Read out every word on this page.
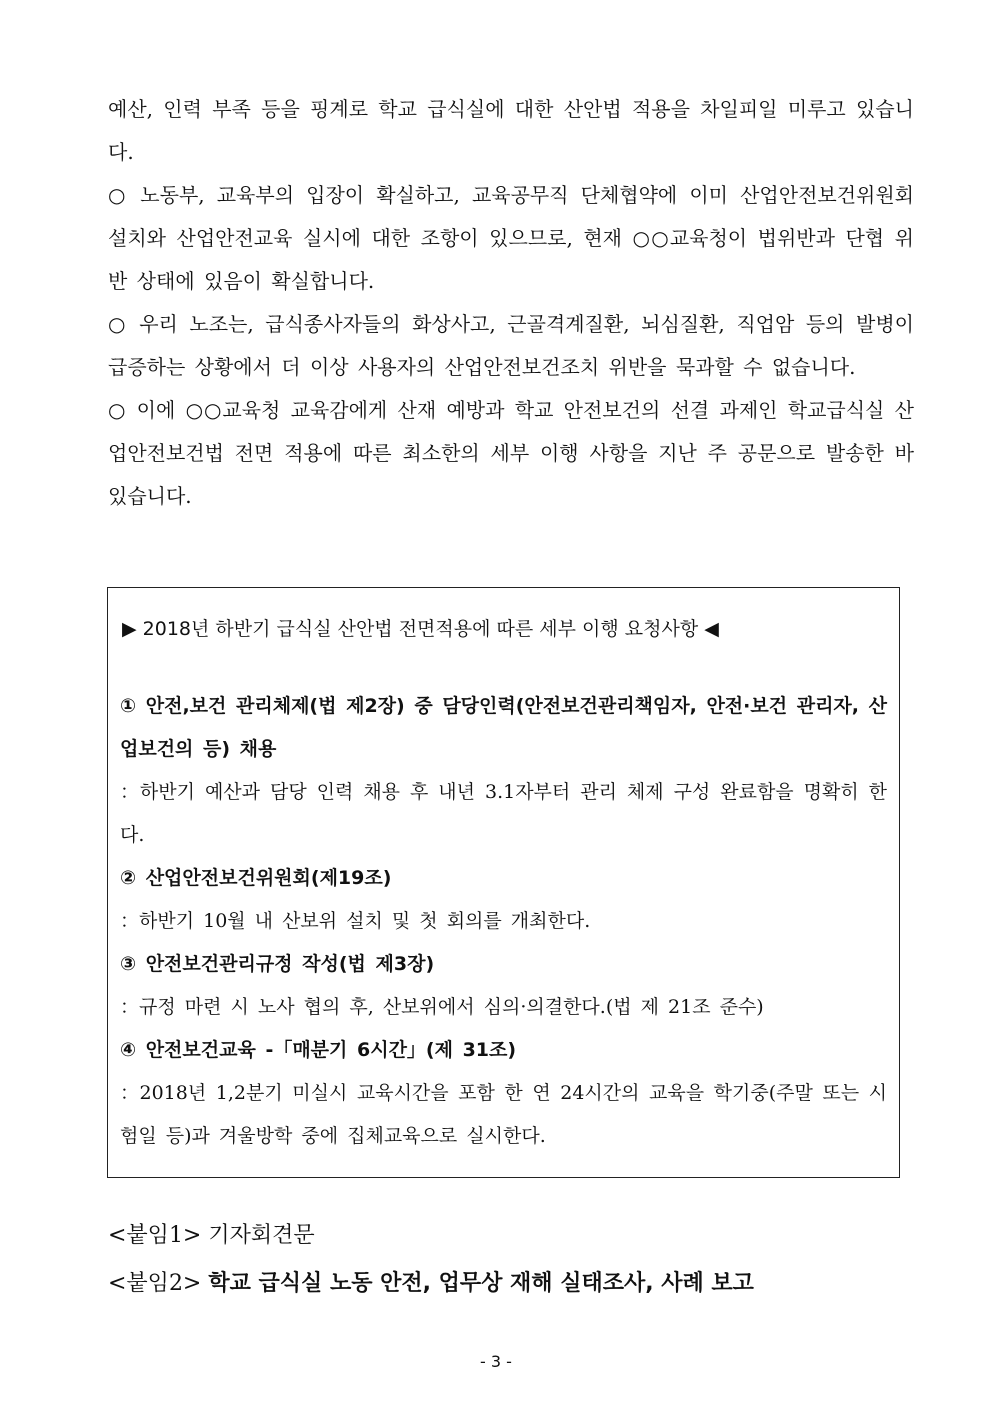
예산, 인력 부족 등을 핑계로 학교 급식실에 대한 산안법 적용을 차일피일 미루고 있습니다.

○ 노동부, 교육부의 입장이 확실하고, 교육공무직 단체협약에 이미 산업안전보건위원회 설치와 산업안전교육 실시에 대한 조항이 있으므로, 현재 ○○교육청이 법위반과 단협 위반 상태에 있음이 확실합니다.

○ 우리 노조는, 급식종사자들의 화상사고, 근골격계질환, 뇌심질환, 직업암 등의 발병이 급증하는 상황에서 더 이상 사용자의 산업안전보건조치 위반을 묵과할 수 없습니다.

○ 이에 ○○교육청 교육감에게 산재 예방과 학교 안전보건의 선결 과제인 학교급식실 산업안전보건법 전면 적용에 따른 최소한의 세부 이행 사항을 지난 주 공문으로 발송한 바 있습니다.

▶ 2018년 하반기 급식실 산안법 전면적용에 따른 세부 이행 요청사항 ◀

① 안전,보건 관리체제(법 제2장) 중 담당인력(안전보건관리책임자, 안전·보건 관리자, 산업보건의 등) 채용

：하반기 예산과 담당 인력 채용 후 내년 3.1자부터 관리 체제 구성 완료함을 명확히 한다.

② 산업안전보건위원회(제19조)

：하반기 10월 내 산보위 설치 및 첫 회의를 개최한다.

③ 안전보건관리규정 작성(법 제3장)

：규정 마련 시 노사 협의 후, 산보위에서 심의·의결한다.(법 제 21조 준수)

④ 안전보건교육 -「매분기 6시간」(제 31조)

：2018년 1,2분기 미실시 교육시간을 포함 한 연 24시간의 교육을 학기중(주말 또는 시험일 등)과 겨울방학 중에 집체교육으로 실시한다.

<붙임1> 기자회견문
<붙임2> 학교 급식실 노동 안전, 업무상 재해 실태조사, 사례 보고
- 3 -
